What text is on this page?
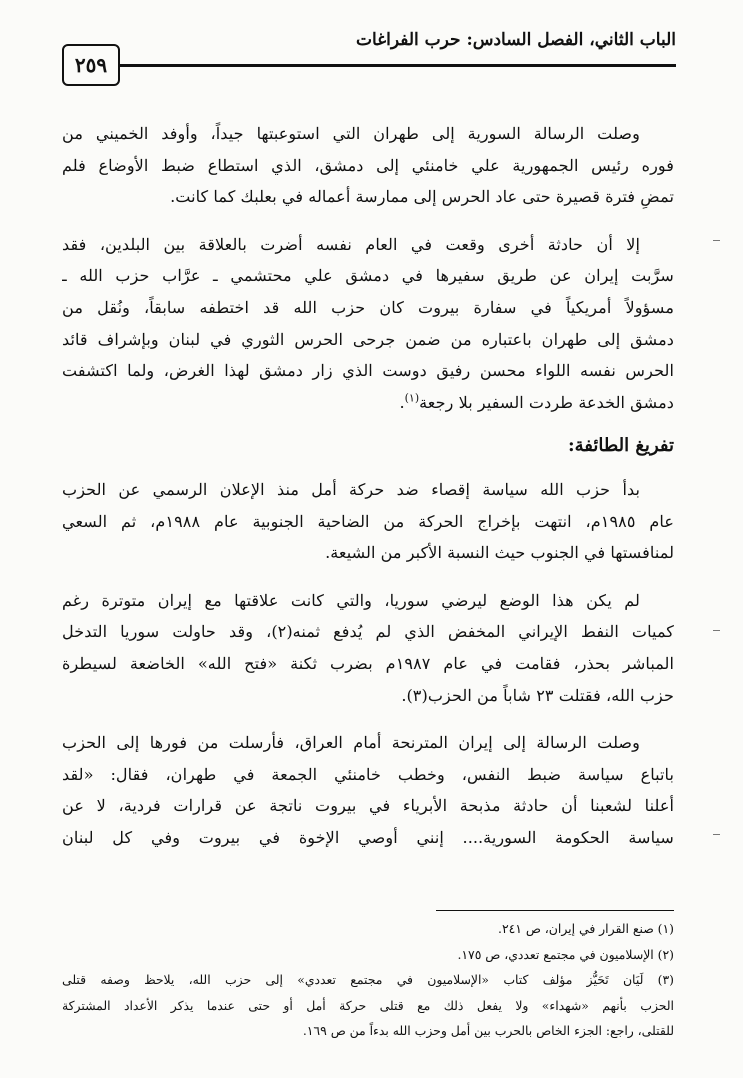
الباب الثاني، الفصل السادس: حرب الفراغات
٢٥٩

وصلت الرسالة السورية إلى طهران التي استوعبتها جيداً، وأوفد الخميني من
فوره رئيس الجمهورية علي خامنئي إلى دمشق، الذي استطاع ضبط الأوضاع فلم
تمضِ فترة قصيرة حتى عاد الحرس إلى ممارسة أعماله في بعلبك كما كانت.

إلا أن حادثة أخرى وقعت في العام نفسه أضرت بالعلاقة بين البلدين، فقد
سرَّبت إيران عن طريق سفيرها في دمشق علي محتشمي ـ عرَّاب حزب الله ـ
مسؤولاً أمريكياً في سفارة بيروت كان حزب الله قد اختطفه سابقاً، ونُقل من
دمشق إلى طهران باعتباره من ضمن جرحى الحرس الثوري في لبنان وبإشراف قائد
الحرس نفسه اللواء محسن رفيق دوست الذي زار دمشق لهذا الغرض، ولما اكتشفت
دمشق الخدعة طردت السفير بلا رجعة$^{(١)}$.

تفريغ الطائفة:

بدأ حزب الله سياسة إقصاء ضد حركة أمل منذ الإعلان الرسمي عن الحزب
عام ١٩٨٥م، انتهت بإخراج الحركة من الضاحية الجنوبية عام ١٩٨٨م، ثم السعي
لمنافستها في الجنوب حيث النسبة الأكبر من الشيعة.

لم يكن هذا الوضع ليرضي سوريا، والتي كانت علاقتها مع إيران متوترة رغم
كميات النفط الإيراني المخفض الذي لم يُدفع ثمنه(٢)، وقد حاولت سوريا التدخل
المباشر بحذر، فقامت في عام ١٩٨٧م بضرب ثكنة «فتح الله» الخاضعة لسيطرة
حزب الله، فقتلت ٢٣ شاباً من الحزب(٣).

وصلت الرسالة إلى إيران المترنحة أمام العراق، فأرسلت من فورها إلى الحزب
باتباع سياسة ضبط النفس، وخطب خامنئي الجمعة في طهران، فقال: «لقد
أعلنا لشعبنا أن حادثة مذبحة الأبرياء في بيروت ناتجة عن قرارات فردية، لا عن
سياسة الحكومة السورية.... إنني أوصي الإخوة في بيروت وفي كل لبنان

(١) صنع القرار في إيران، ص ٢٤١.
(٢) الإسلاميون في مجتمع تعددي، ص ١٧٥.
(٣) لَيَان تَحَيُّز مؤلف كتاب «الإسلاميون في مجتمع تعددي» إلى حزب الله، يلاحظ وصفه قتلى
الحزب بأنهم «شهداء» ولا يفعل ذلك مع قتلى حركة أمل أو حتى عندما يذكر الأعداد المشتركة
للقتلى، راجع: الجزء الخاص بالحرب بين أمل وحزب الله بدءاً من ص ١٦٩.
